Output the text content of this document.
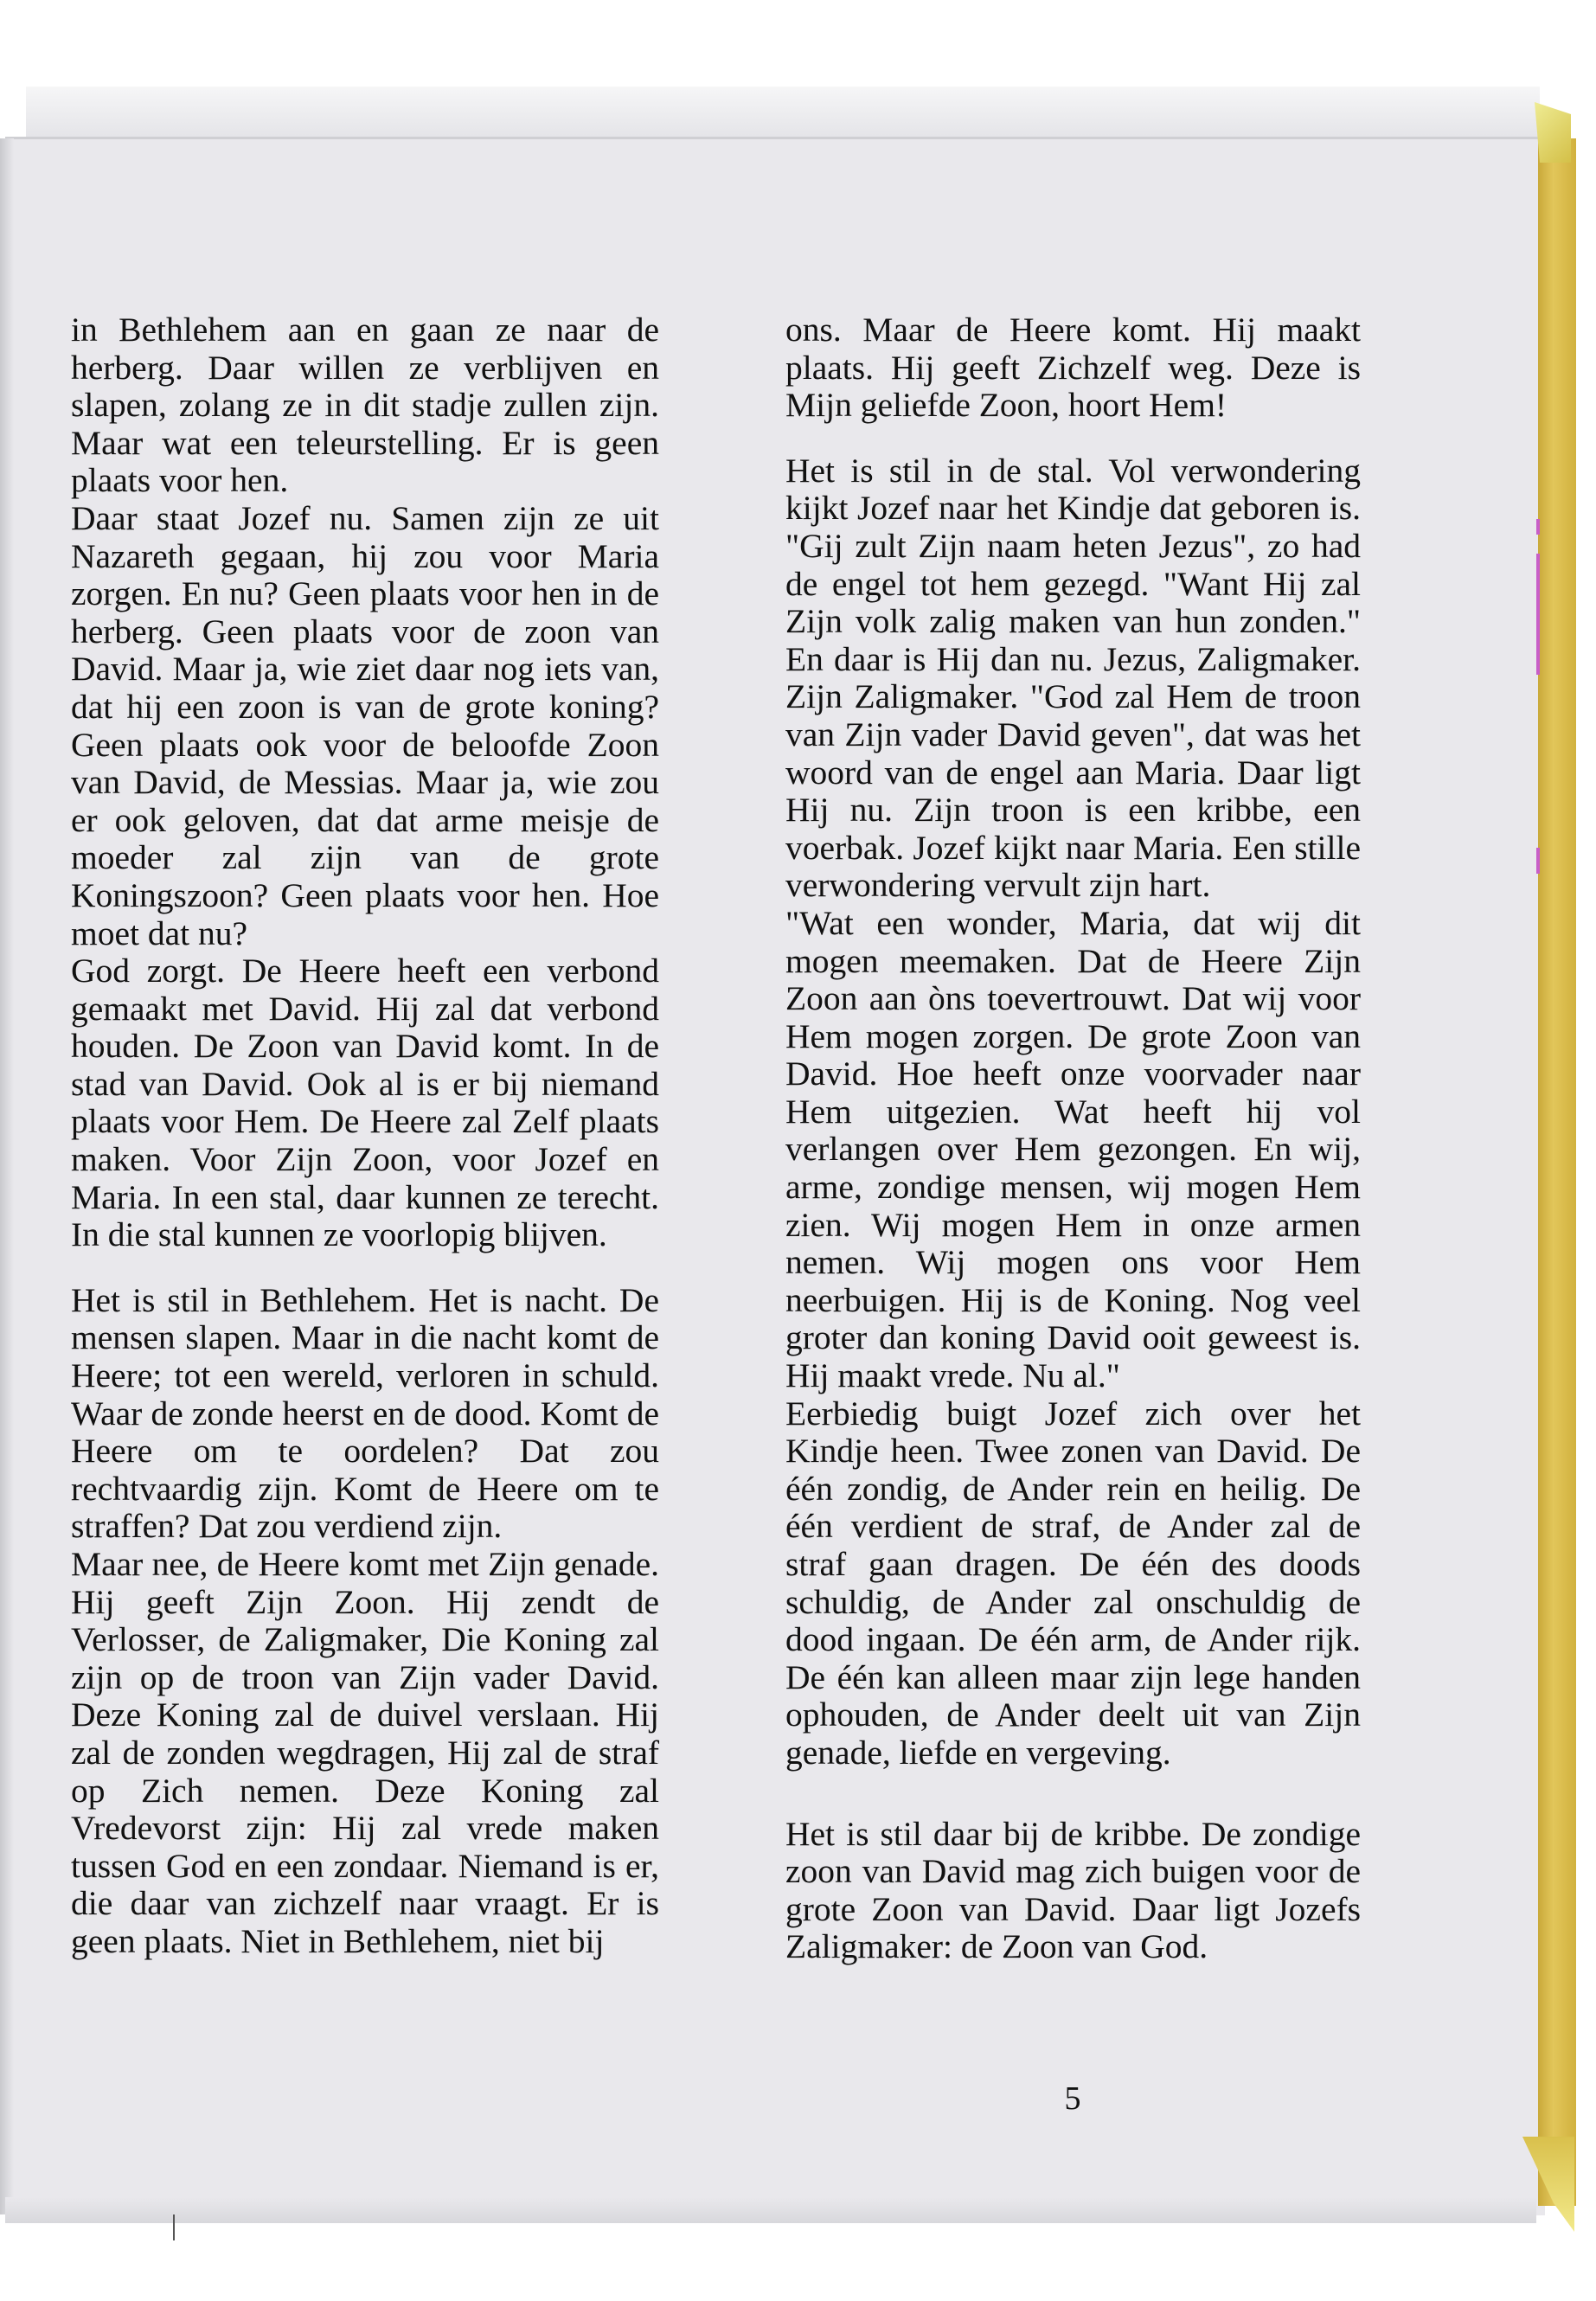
in Bethlehem aan en gaan ze naar de herberg. Daar willen ze verblijven en slapen, zolang ze in dit stadje zullen zijn. Maar wat een teleurstelling. Er is geen plaats voor hen.
Daar staat Jozef nu. Samen zijn ze uit Nazareth gegaan, hij zou voor Maria zorgen. En nu? Geen plaats voor hen in de herberg. Geen plaats voor de zoon van David. Maar ja, wie ziet daar nog iets van, dat hij een zoon is van de grote koning? Geen plaats ook voor de beloofde Zoon van David, de Messias. Maar ja, wie zou er ook geloven, dat dat arme meisje de moeder zal zijn van de grote Koningszoon? Geen plaats voor hen. Hoe moet dat nu?
God zorgt. De Heere heeft een verbond gemaakt met David. Hij zal dat verbond houden. De Zoon van David komt. In de stad van David. Ook al is er bij niemand plaats voor Hem. De Heere zal Zelf plaats maken. Voor Zijn Zoon, voor Jozef en Maria. In een stal, daar kunnen ze terecht. In die stal kunnen ze voorlopig blijven.

Het is stil in Bethlehem. Het is nacht. De mensen slapen. Maar in die nacht komt de Heere; tot een wereld, verloren in schuld. Waar de zonde heerst en de dood. Komt de Heere om te oordelen? Dat zou rechtvaardig zijn. Komt de Heere om te straffen? Dat zou verdiend zijn.
Maar nee, de Heere komt met Zijn genade. Hij geeft Zijn Zoon. Hij zendt de Verlosser, de Zaligmaker, Die Koning zal zijn op de troon van Zijn vader David. Deze Koning zal de duivel verslaan. Hij zal de zonden wegdragen, Hij zal de straf op Zich nemen. Deze Koning zal Vredevorst zijn: Hij zal vrede maken tussen God en een zondaar. Niemand is er, die daar van zichzelf naar vraagt. Er is geen plaats. Niet in Bethlehem, niet bij

ons. Maar de Heere komt. Hij maakt plaats. Hij geeft Zichzelf weg. Deze is Mijn geliefde Zoon, hoort Hem!

Het is stil in de stal. Vol verwondering kijkt Jozef naar het Kindje dat geboren is. "Gij zult Zijn naam heten Jezus", zo had de engel tot hem gezegd. "Want Hij zal Zijn volk zalig maken van hun zonden." En daar is Hij dan nu. Jezus, Zaligmaker. Zijn Zaligmaker. "God zal Hem de troon van Zijn vader David geven", dat was het woord van de engel aan Maria. Daar ligt Hij nu. Zijn troon is een kribbe, een voerbak. Jozef kijkt naar Maria. Een stille verwondering vervult zijn hart.
"Wat een wonder, Maria, dat wij dit mogen meemaken. Dat de Heere Zijn Zoon aan òns toevertrouwt. Dat wij voor Hem mogen zorgen. De grote Zoon van David. Hoe heeft onze voorvader naar Hem uitgezien. Wat heeft hij vol verlangen over Hem gezongen. En wij, arme, zondige mensen, wij mogen Hem zien. Wij mogen Hem in onze armen nemen. Wij mogen ons voor Hem neerbuigen. Hij is de Koning. Nog veel groter dan koning David ooit geweest is. Hij maakt vrede. Nu al."
Eerbiedig buigt Jozef zich over het Kindje heen. Twee zonen van David. De één zondig, de Ander rein en heilig. De één verdient de straf, de Ander zal de straf gaan dragen. De één des doods schuldig, de Ander zal onschuldig de dood ingaan. De één arm, de Ander rijk. De één kan alleen maar zijn lege handen ophouden, de Ander deelt uit van Zijn genade, liefde en vergeving.

Het is stil daar bij de kribbe. De zondige zoon van David mag zich buigen voor de grote Zoon van David. Daar ligt Jozefs Zaligmaker: de Zoon van God.

5
